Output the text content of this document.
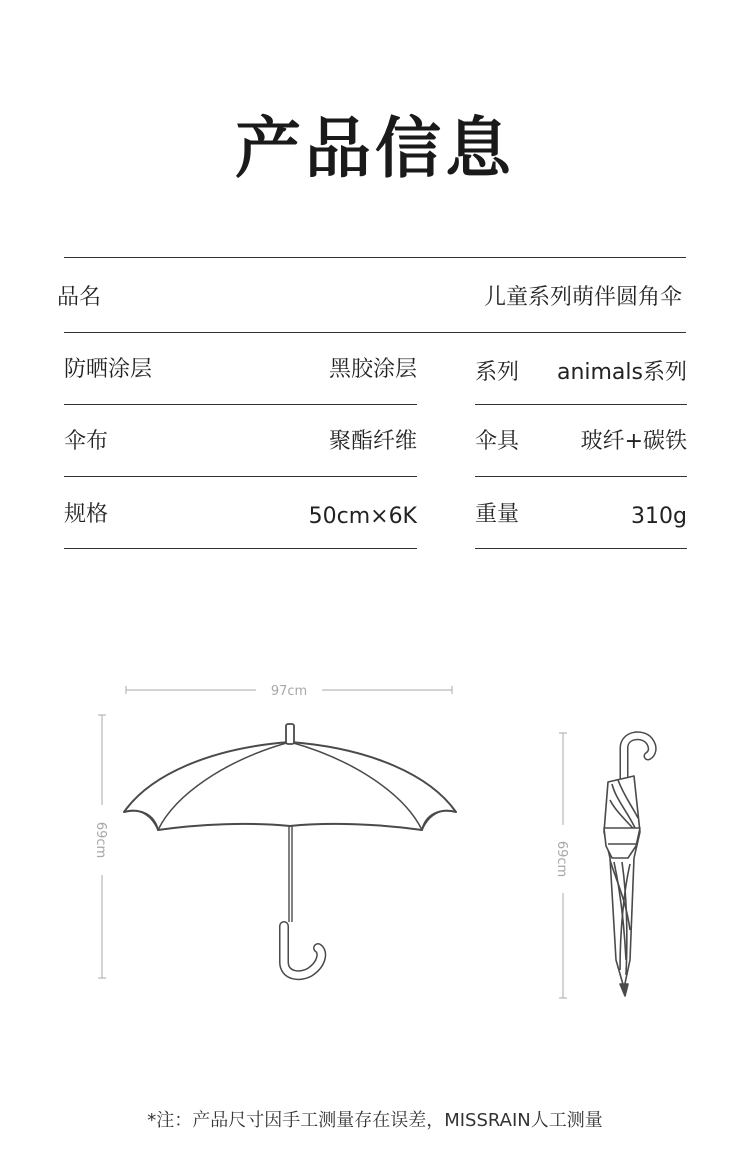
产品信息
品名	儿童系列萌伴圆角伞
防晒涂层	黑胶涂层
伞布	聚酯纤维
规格	50cm×6K
系列	animals系列
伞具	玻纤+碳铁
重量	310g
97cm
69cm
69cm
*注：产品尺寸因手工测量存在误差，MISSRAIN人工测量
